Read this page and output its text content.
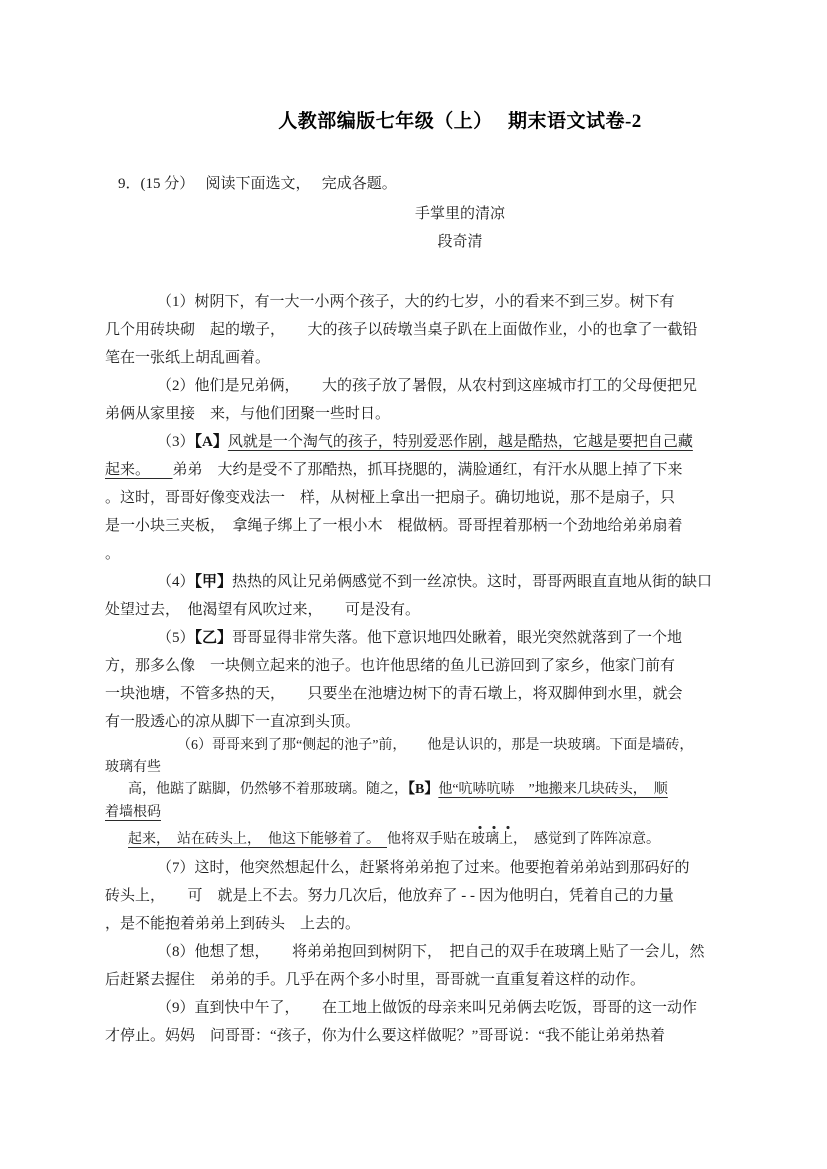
人教部编版七年级（上）　 期末语文试卷-2
9．(15 分）　 阅读下面选文，　 完成各题。
手掌里的清凉
段奇清
（1）树阴下，有一大一小两个孩子，大的约七岁，小的看来不到三岁。树下有
几个用砖块砌　起的墩子，　　大的孩子以砖墩当桌子趴在上面做作业，小的也拿了一截铅
笔在一张纸上胡乱画着。
（2）他们是兄弟俩，　　大的孩子放了暑假，从农村到这座城市打工的父母便把兄
弟俩从家里接　来，与他们团聚一些时日。
（3）【A】风就是一个淘气的孩子，特别爱恶作剧，越是酷热，它越是要把自己藏
起来。　　弟弟　大约是受不了那酷热，抓耳挠腮的，满脸通红，有汗水从腮上掉了下来
。这时，哥哥好像变戏法一　样，从树桠上拿出一把扇子。确切地说，那不是扇子，只
是一小块三夹板，　拿绳子绑上了一根小木　棍做柄。哥哥捏着那柄一个劲地给弟弟扇着
。
（4）【甲】热热的风让兄弟俩感觉不到一丝凉快。这时，哥哥两眼直直地从街的缺口
处望过去，　他渴望有风吹过来，　　可是没有。
（5）【乙】哥哥显得非常失落。他下意识地四处瞅着，眼光突然就落到了一个地
方，那多么像　一块侧立起来的池子。也许他思绪的鱼儿已游回到了家乡，他家门前有
一块池塘，不管多热的天，　　只要坐在池塘边树下的青石墩上，将双脚伸到水里，就会
有一股透心的凉从脚下一直凉到头顶。
（6）哥哥来到了那“侧起的池子”前，　　他是认识的，那是一块玻璃。下面是墙砖，
玻璃有些
高，他踮了踮脚，仍然够不着那玻璃。随之，【B】他“吭哧吭哧　”地搬来几块砖头，　顺
着墙根码
起来，　站在砖头上，　他这下能够着了。　他将双手贴在玻璃上，　感觉到了阵阵凉意。
（7）这时，他突然想起什么，赶紧将弟弟抱了过来。他要抱着弟弟站到那码好的
砖头上，　　可　就是上不去。努力几次后，他放弃了 - - 因为他明白，凭着自己的力量
，是不能抱着弟弟上到砖头　上去的。
（8）他想了想，　　将弟弟抱回到树阴下，　把自己的双手在玻璃上贴了一会儿，然
后赶紧去握住　弟弟的手。几乎在两个多小时里，哥哥就一直重复着这样的动作。
（9）直到快中午了，　　在工地上做饭的母亲来叫兄弟俩去吃饭，哥哥的这一动作
才停止。妈妈　问哥哥：“孩子，你为什么要这样做呢？”哥哥说：“我不能让弟弟热着
